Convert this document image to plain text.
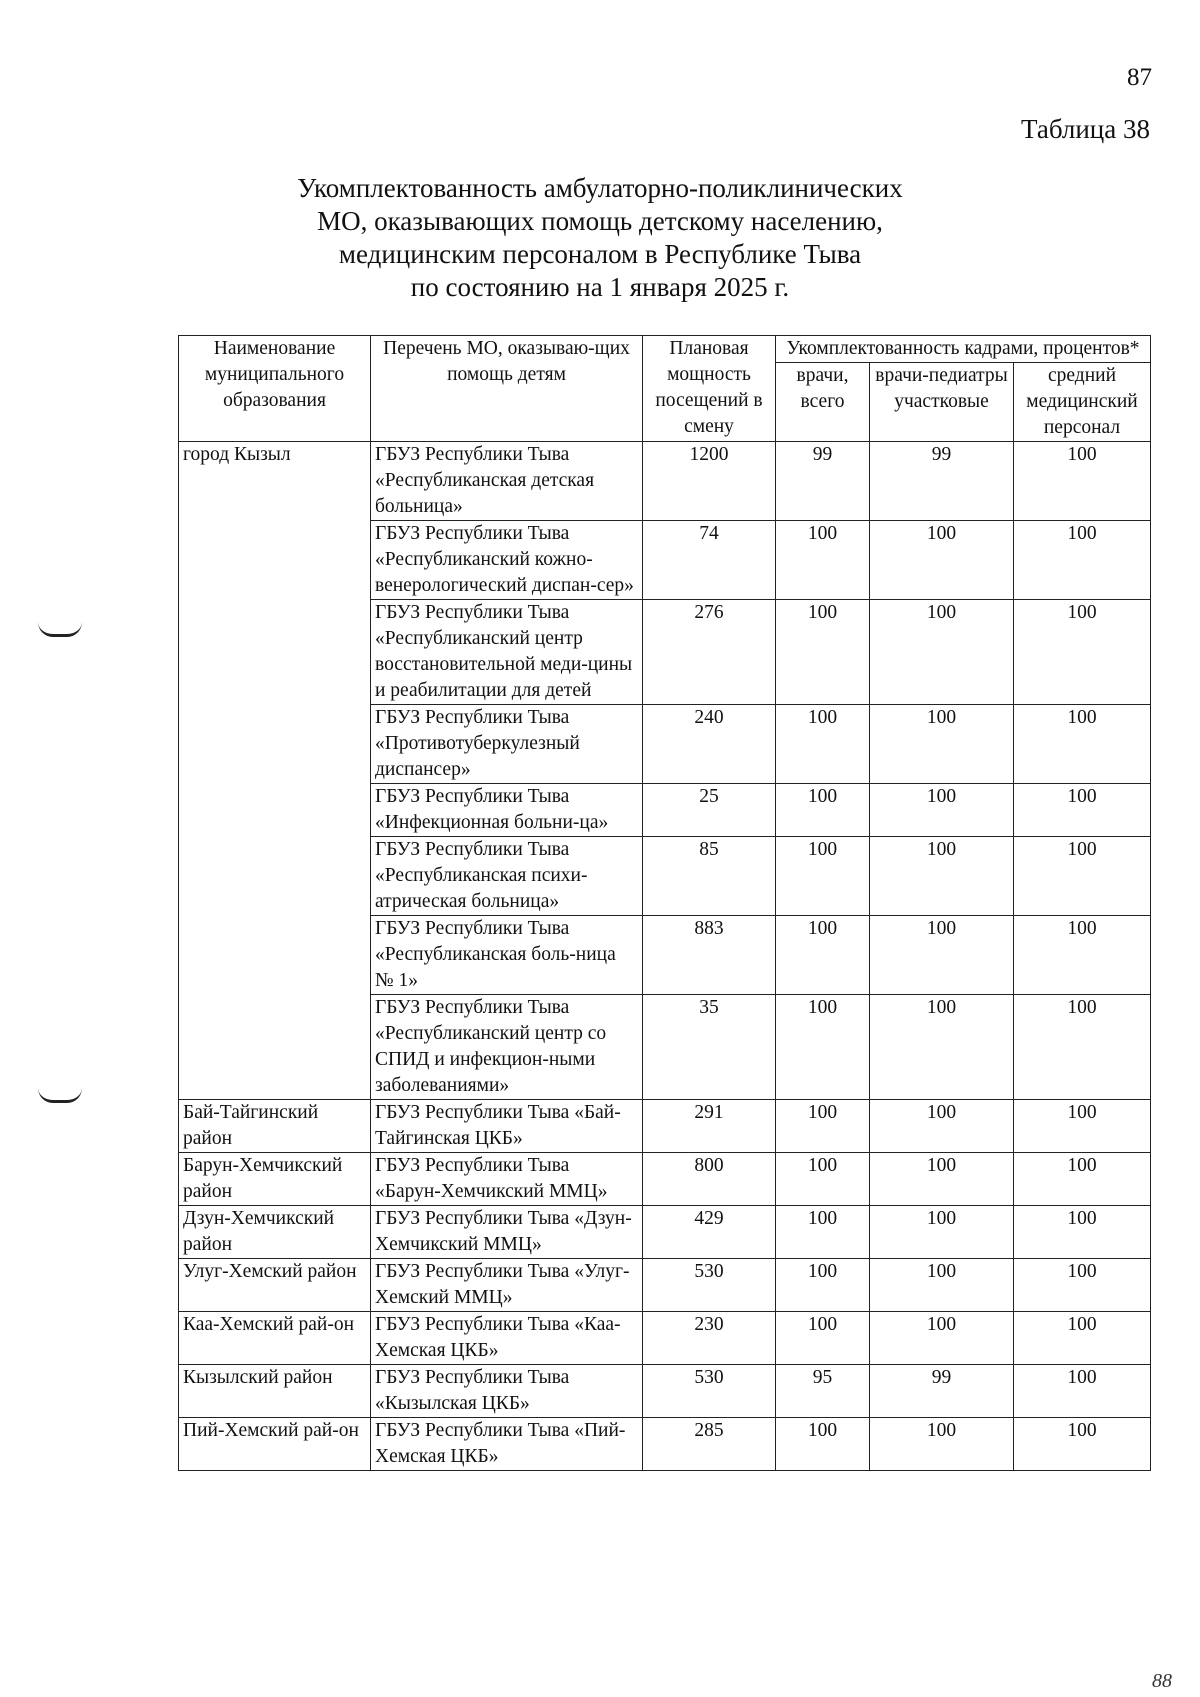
87
Таблица 38
Укомплектованность амбулаторно-поликлинических
МО, оказывающих помощь детскому населению,
медицинским персоналом в Республике Тыва
по состоянию на 1 января 2025 г.
Наименование муниципального образования	Перечень МО, оказываю-щих помощь детям	Плановая мощность посещений в смену	Укомплектованность кадрами, процентов*		
			врачи, всего	врачи-педиатры участковые	средний медицинский персонал
город Кызыл	ГБУЗ Республики Тыва «Республиканская детская больница»	1200	99	99	100
	ГБУЗ Республики Тыва «Республиканский кожно-венерологический диспан-сер»	74	100	100	100
	ГБУЗ Республики Тыва «Республиканский центр восстановительной меди-цины и реабилитации для детей	276	100	100	100
	ГБУЗ Республики Тыва «Противотуберкулезный диспансер»	240	100	100	100
	ГБУЗ Республики Тыва «Инфекционная больни-ца»	25	100	100	100
	ГБУЗ Республики Тыва «Республиканская психи-атрическая больница»	85	100	100	100
	ГБУЗ Республики Тыва «Республиканская боль-ница № 1»	883	100	100	100
	ГБУЗ Республики Тыва «Республиканский центр со СПИД и инфекцион-ными заболеваниями»	35	100	100	100
Бай-Тайгинский район	ГБУЗ Республики Тыва «Бай-Тайгинская ЦКБ»	291	100	100	100
Барун-Хемчикский район	ГБУЗ Республики Тыва «Барун-Хемчикский ММЦ»	800	100	100	100
Дзун-Хемчикский район	ГБУЗ Республики Тыва «Дзун-Хемчикский ММЦ»	429	100	100	100
Улуг-Хемский район	ГБУЗ Республики Тыва «Улуг-Хемский ММЦ»	530	100	100	100
Каа-Хемский рай-он	ГБУЗ Республики Тыва «Каа-Хемская ЦКБ»	230	100	100	100
Кызылский район	ГБУЗ Республики Тыва «Кызылская ЦКБ»	530	95	99	100
Пий-Хемский рай-он	ГБУЗ Республики Тыва «Пий-Хемская ЦКБ»	285	100	100	100
88
